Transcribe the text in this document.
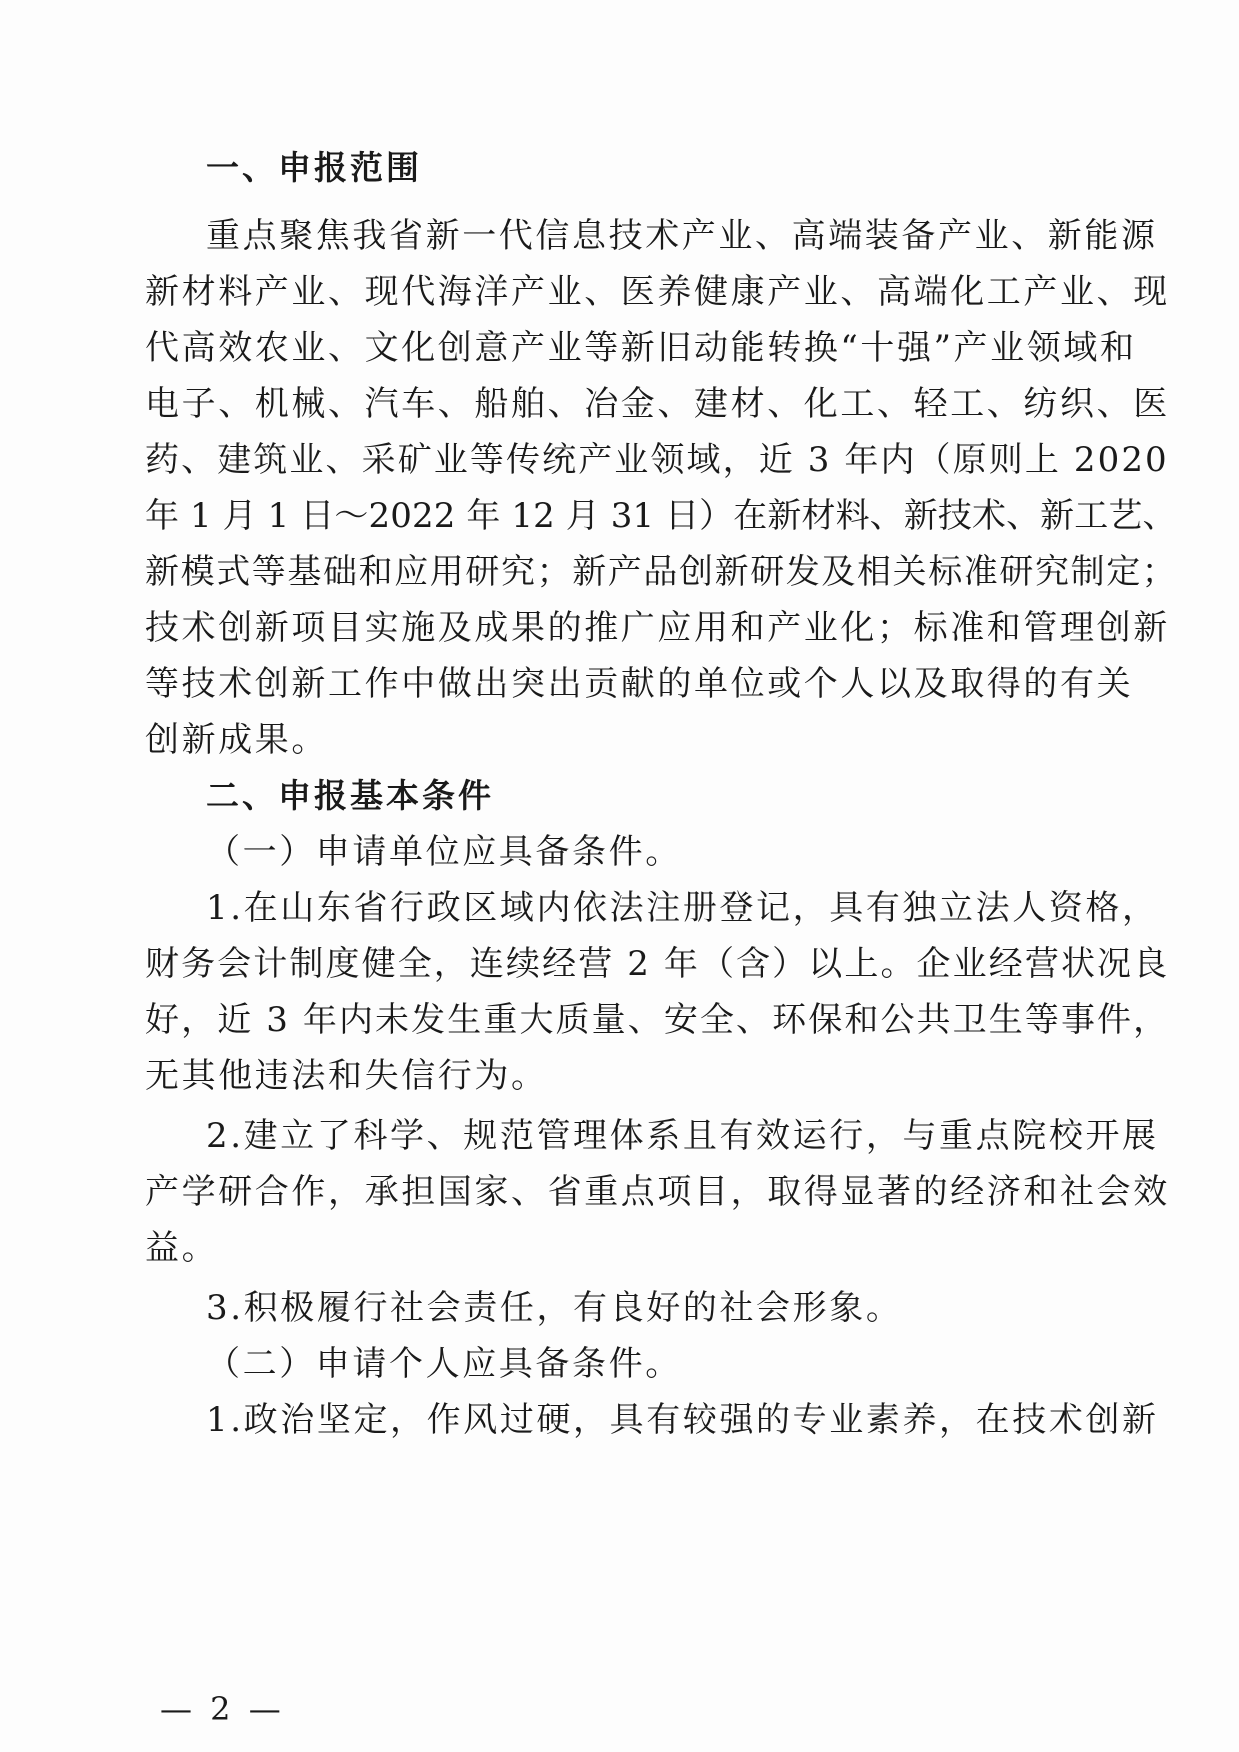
一、申报范围
重点聚焦我省新一代信息技术产业、高端装备产业、新能源
新材料产业、现代海洋产业、医养健康产业、高端化工产业、现
代高效农业、文化创意产业等新旧动能转换“十强”产业领域和
电子、机械、汽车、船舶、冶金、建材、化工、轻工、纺织、医
药、建筑业、采矿业等传统产业领域，近 3 年内（原则上 2020
年 1 月 1 日～2022 年 12 月 31 日）在新材料、新技术、新工艺、
新模式等基础和应用研究；新产品创新研发及相关标准研究制定；
技术创新项目实施及成果的推广应用和产业化；标准和管理创新
等技术创新工作中做出突出贡献的单位或个人以及取得的有关
创新成果。
二、申报基本条件
（一）申请单位应具备条件。
1.在山东省行政区域内依法注册登记，具有独立法人资格，
财务会计制度健全，连续经营 2 年（含）以上。企业经营状况良
好，近 3 年内未发生重大质量、安全、环保和公共卫生等事件，
无其他违法和失信行为。
2.建立了科学、规范管理体系且有效运行，与重点院校开展
产学研合作，承担国家、省重点项目，取得显著的经济和社会效
益。
3.积极履行社会责任，有良好的社会形象。
（二）申请个人应具备条件。
1.政治坚定，作风过硬，具有较强的专业素养，在技术创新
— 2 —
